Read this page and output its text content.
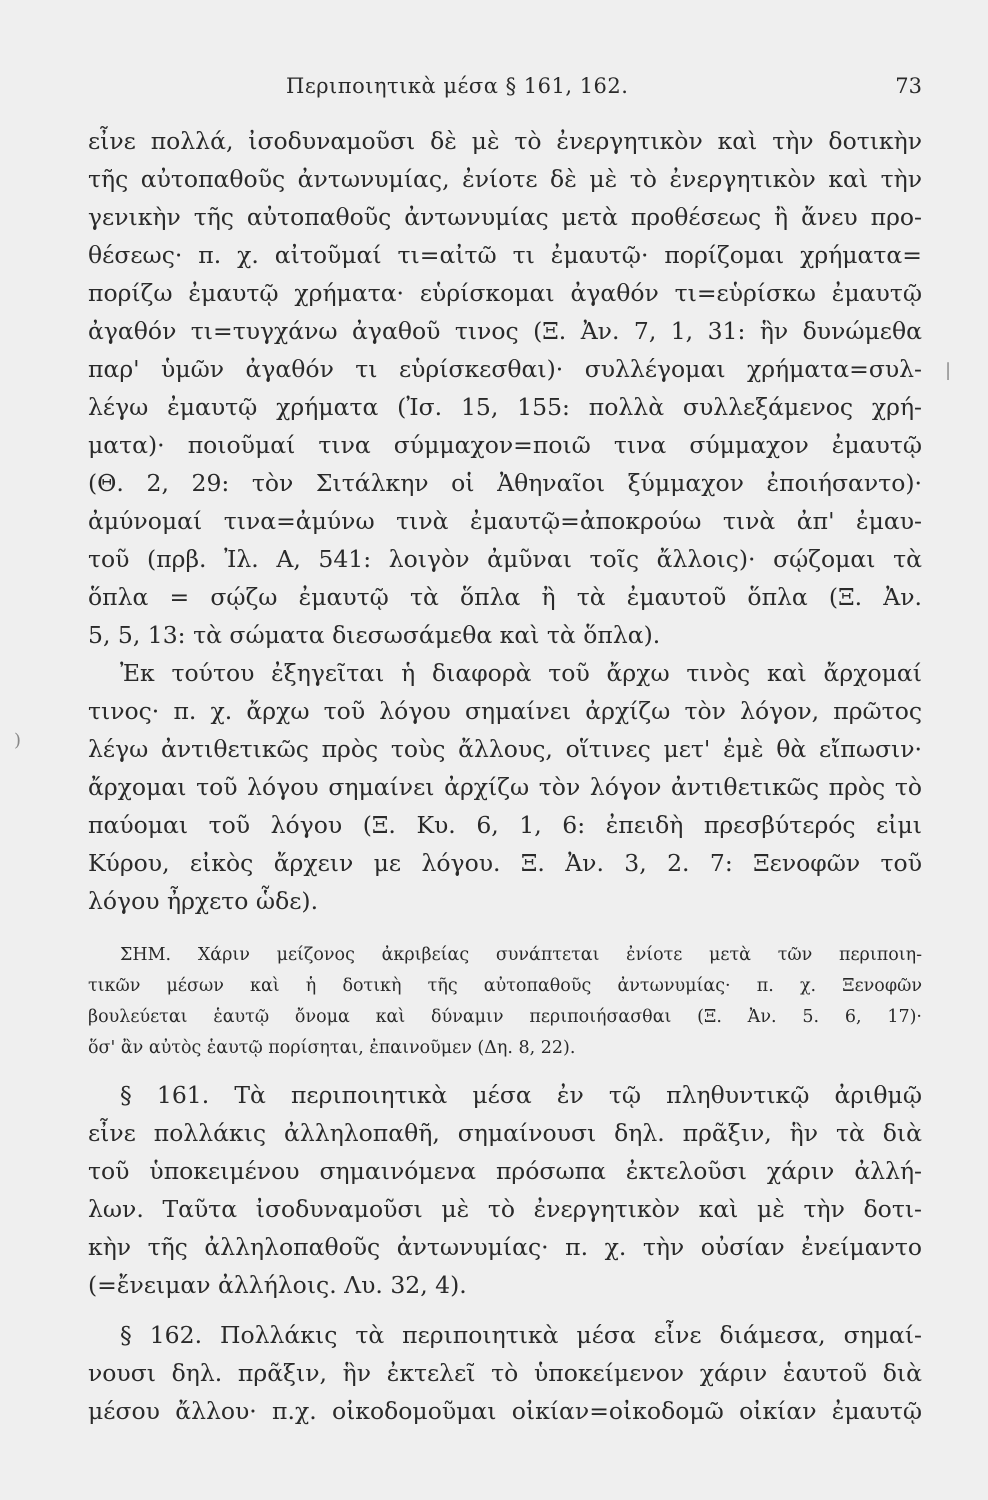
Περιποιητικὰ μέσα § 161, 162.	73
εἶνε πολλά, ἰσοδυναμοῦσι δὲ μὲ τὸ ἐνεργητικὸν καὶ τὴν δοτικὴν
τῆς αὐτοπαθοῦς ἀντωνυμίας, ἐνίοτε δὲ μὲ τὸ ἐνεργητικὸν καὶ τὴν
γενικὴν τῆς αὐτοπαθοῦς ἀντωνυμίας μετὰ προθέσεως ἢ ἄνευ προ-
θέσεως· π. χ. αἰτοῦμαί τι=αἰτῶ τι ἐμαυτῷ· πορίζομαι χρήματα=
πορίζω ἐμαυτῷ χρήματα· εὑρίσκομαι ἀγαθόν τι=εὑρίσκω ἐμαυτῷ
ἀγαθόν τι=τυγχάνω ἀγαθοῦ τινος (Ξ. Ἀν. 7, 1, 31: ἣν δυνώμεθα
παρ' ὑμῶν ἀγαθόν τι εὑρίσκεσθαι)· συλλέγομαι χρήματα=συλ-
λέγω ἐμαυτῷ χρήματα (Ἰσ. 15, 155: πολλὰ συλλεξάμενος χρή-
ματα)· ποιοῦμαί τινα σύμμαχον=ποιῶ τινα σύμμαχον ἐμαυτῷ
(Θ. 2, 29: τὸν Σιτάλκην οἱ Ἀθηναῖοι ξύμμαχον ἐποιήσαντο)·
ἀμύνομαί τινα=ἀμύνω τινὰ ἐμαυτῷ=ἀποκρούω τινὰ ἀπ' ἐμαυ-
τοῦ (πρβ. Ἰλ. Α, 541: λοιγὸν ἀμῦναι τοῖς ἄλλοις)· σῴζομαι τὰ
ὅπλα = σῴζω ἐμαυτῷ τὰ ὅπλα ἢ τὰ ἐμαυτοῦ ὅπλα (Ξ. Ἀν.
5, 5, 13: τὰ σώματα διεσωσάμεθα καὶ τὰ ὅπλα).
Ἐκ τούτου ἐξηγεῖται ἡ διαφορὰ τοῦ ἄρχω τινὸς καὶ ἄρχομαί
τινος· π. χ. ἄρχω τοῦ λόγου σημαίνει ἀρχίζω τὸν λόγον, πρῶτος
λέγω ἀντιθετικῶς πρὸς τοὺς ἄλλους, οἵτινες μετ' ἐμὲ θὰ εἴπωσιν·
ἄρχομαι τοῦ λόγου σημαίνει ἀρχίζω τὸν λόγον ἀντιθετικῶς πρὸς τὸ
παύομαι τοῦ λόγου (Ξ. Κυ. 6, 1, 6: ἐπειδὴ πρεσβύτερός εἰμι
Κύρου, εἰκὸς ἄρχειν με λόγου. Ξ. Ἀν. 3, 2. 7: Ξενοφῶν τοῦ
λόγου ἦρχετο ὧδε).
ΣΗΜ. Χάριν μείζονος ἀκριβείας συνάπτεται ἐνίοτε μετὰ τῶν περιποιη-
τικῶν μέσων καὶ ἡ δοτικὴ τῆς αὐτοπαθοῦς ἀντωνυμίας· π. χ. Ξενοφῶν
βουλεύεται ἑαυτῷ ὄνομα καὶ δύναμιν περιποιήσασθαι (Ξ. Ἀν. 5. 6, 17)·
ὅσ' ἂν αὐτὸς ἑαυτῷ πορίσηται, ἐπαινοῦμεν (Δη. 8, 22).
§ 161. Τὰ περιποιητικὰ μέσα ἐν τῷ πληθυντικῷ ἀριθμῷ
εἶνε πολλάκις ἀλληλοπαθῆ, σημαίνουσι δηλ. πρᾶξιν, ἣν τὰ διὰ
τοῦ ὑποκειμένου σημαινόμενα πρόσωπα ἐκτελοῦσι χάριν ἀλλή-
λων. Ταῦτα ἰσοδυναμοῦσι μὲ τὸ ἐνεργητικὸν καὶ μὲ τὴν δοτι-
κὴν τῆς ἀλληλοπαθοῦς ἀντωνυμίας· π. χ. τὴν οὐσίαν ἐνείμαντο
(=ἔνειμαν ἀλλήλοις. Λυ. 32, 4).
§ 162. Πολλάκις τὰ περιποιητικὰ μέσα εἶνε διάμεσα, σημαί-
νουσι δηλ. πρᾶξιν, ἣν ἐκτελεῖ τὸ ὑποκείμενον χάριν ἑαυτοῦ διὰ
μέσου ἄλλου· π.χ. οἰκοδομοῦμαι οἰκίαν=οἰκοδομῶ οἰκίαν ἐμαυτῷ
|
)
